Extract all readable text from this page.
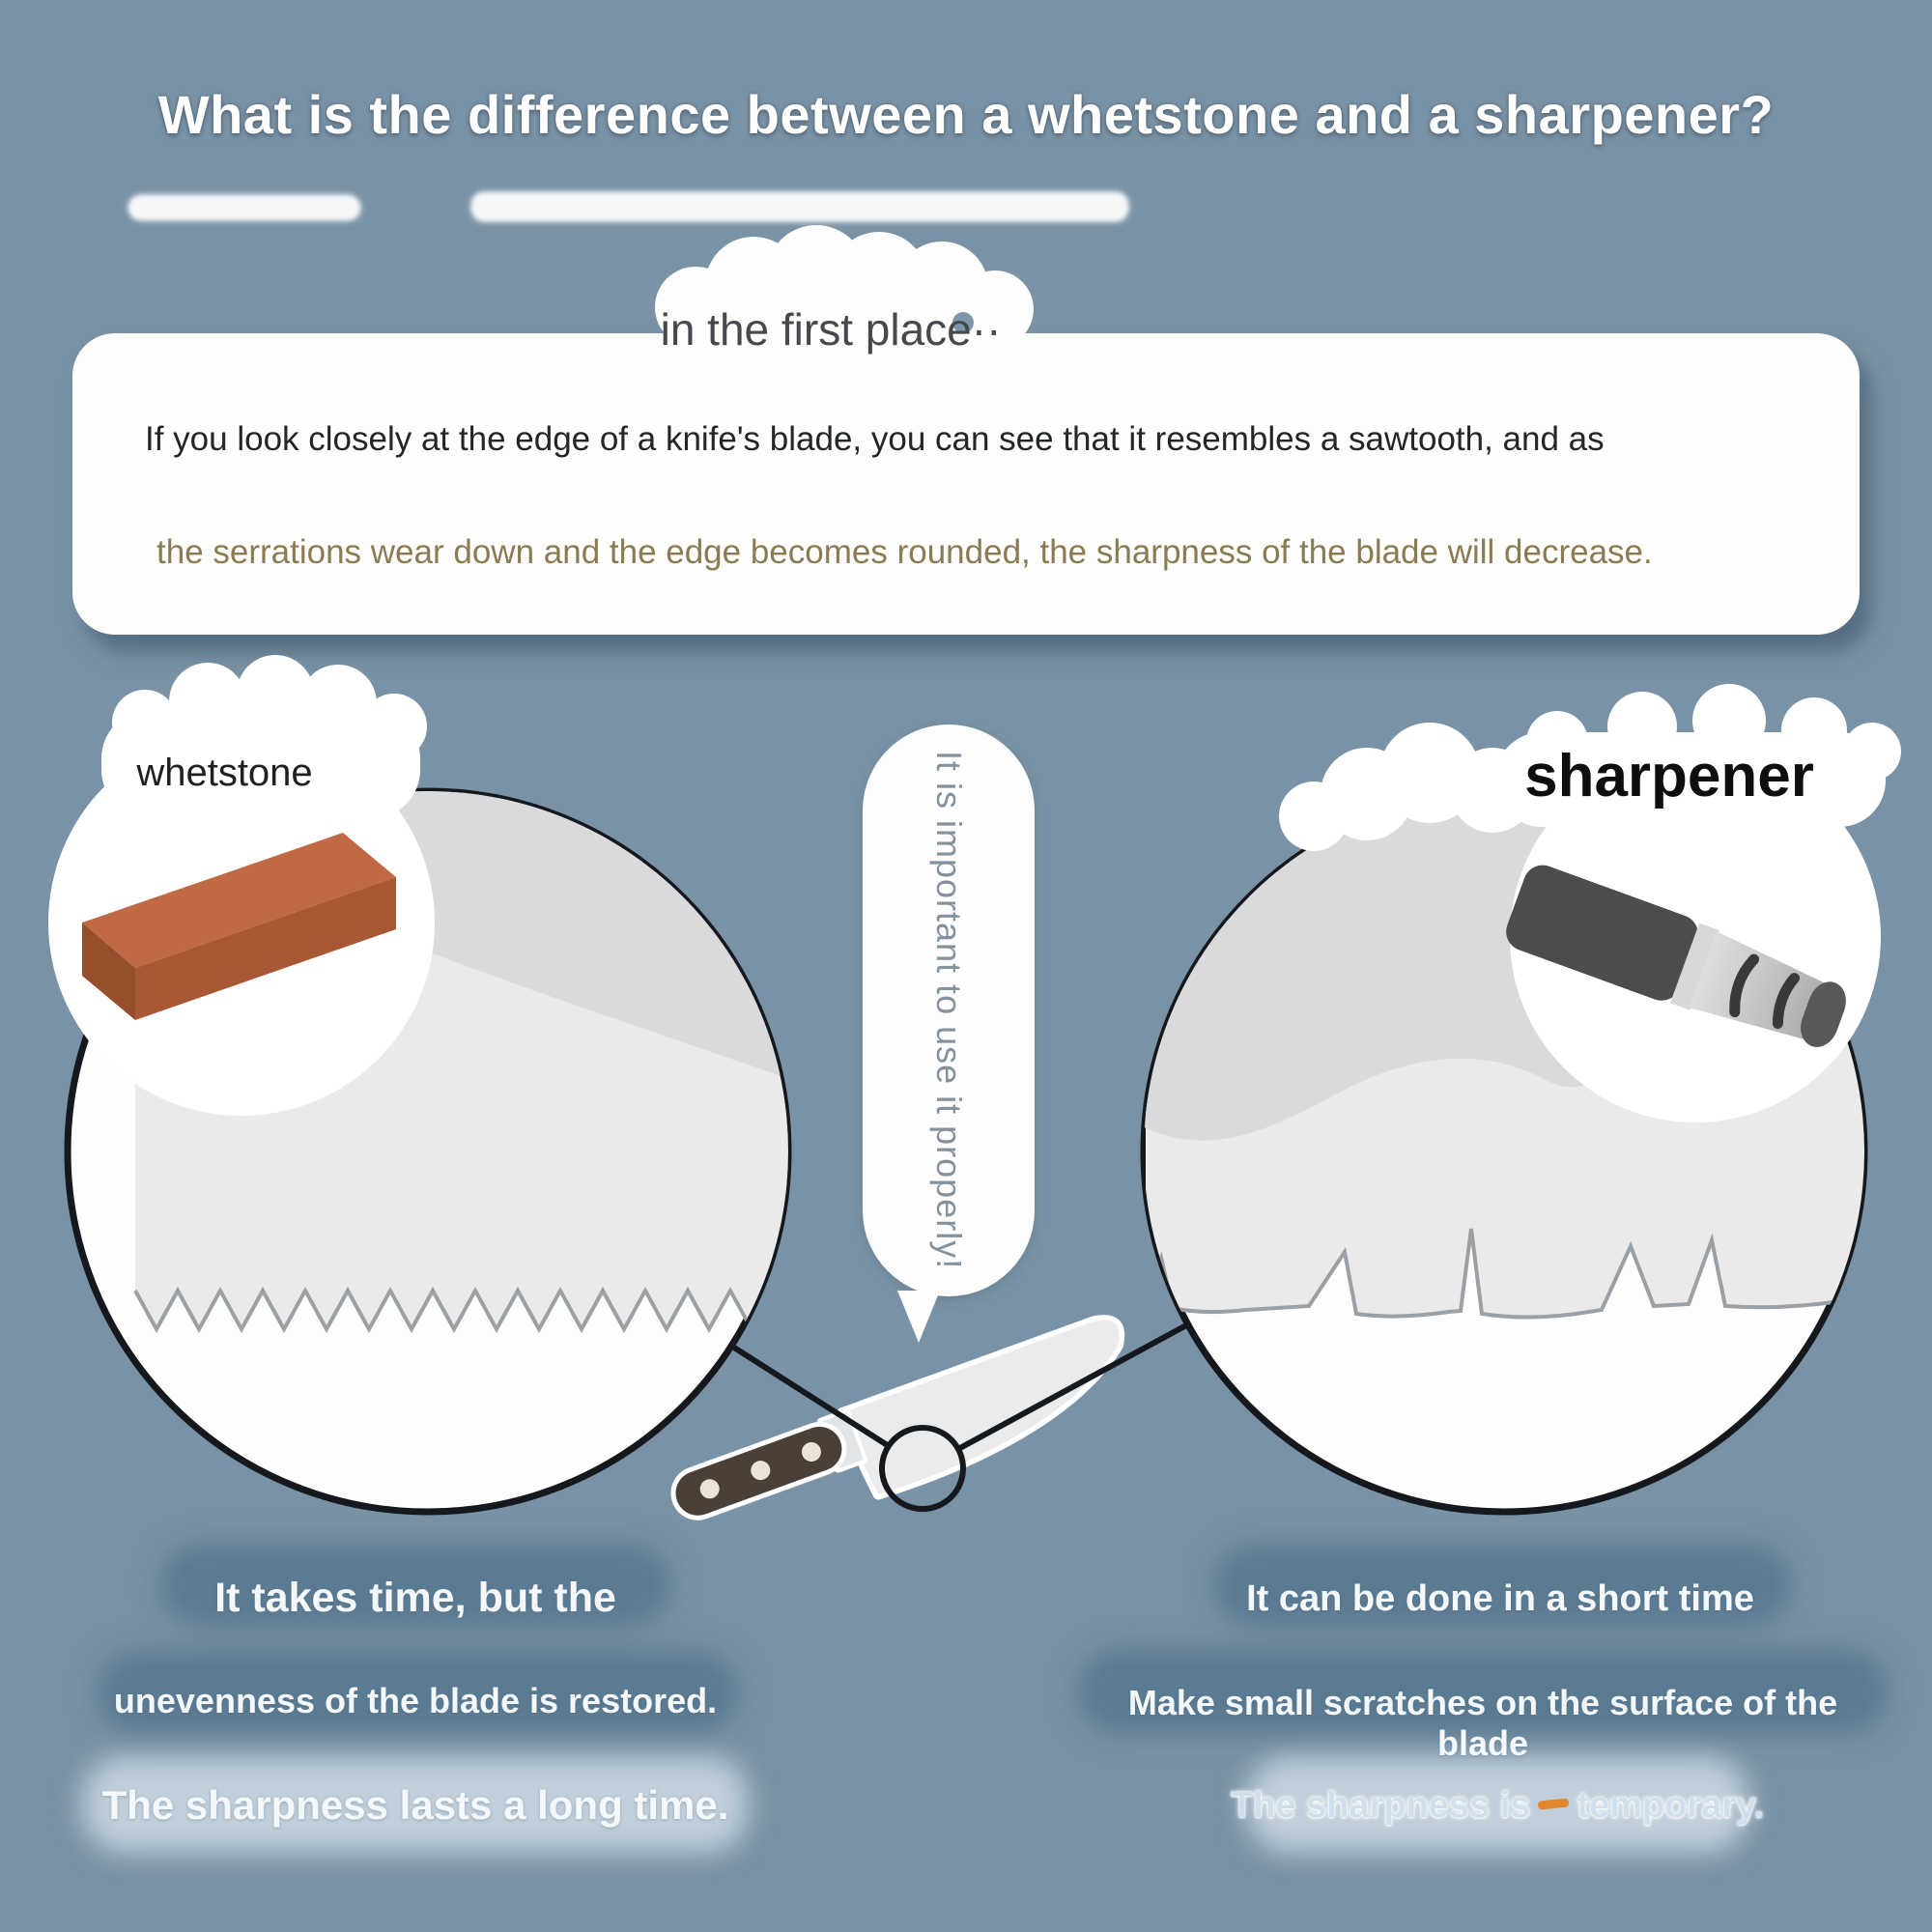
What is the difference between a whetstone and a sharpener?
If you look closely at the edge of a knife's blade, you can see that it resembles a sawtooth, and as
the serrations wear down and the edge becomes rounded, the sharpness of the blade will decrease.
in the first place··
whetstone	sharpener
It is important to use it properly!
It takes time, but the
unevenness of the blade is restored.
The sharpness lasts a long time.
It can be done in a short time
Make small scratches on the surface of the blade
The sharpness is temporary.
